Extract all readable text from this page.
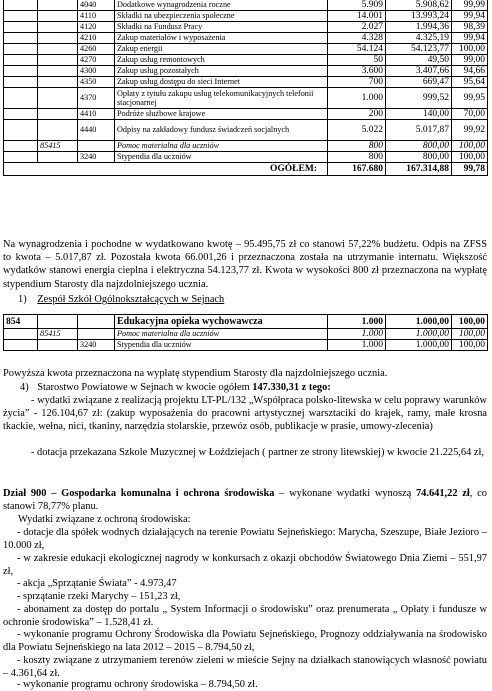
		4040	Dodatkowe wynagrodzenia roczne	5.909	5.908,62	99,99
		4110	Składki na ubezpieczenia społeczne	14.001	13.993,24	99,94
		4120	Składki na Fundusz Pracy	2.027	1.994,36	98,39
		4210	Zakup materiałów i wyposażenia	4.328	4.325,19	99,94
		4260	Zakup energii	54.124	54.123,77	100,00
		4270	Zakup usług remontowych	50	49,50	99,00
		4300	Zakup usług pozostałych	3.600	3.407,66	94,66
		4350	Zakup usług dostępu do sieci Internet	700	669,47	95,64
		4370	Opłaty z tytułu zakupu usług telekomunikacyjnych telefonii stacjonarnej	1.000	999,52	99,95
		4410	Podróże służbowe krajowe	200	140,00	70,00
		4440	Odpisy na zakładowy fundusz świadczeń socjalnych	5.022	5.017,87	99,92
	85415		Pomoc materialna dla uczniów	800	800,00	100,00
		3240	Stypendia dla uczniów	800	800,00	100,00
OGÓŁEM:				167.680	167.314,88	99,78
Na wynagrodzenia i pochodne w wydatkowano kwotę – 95.495,75 zł co stanowi 57,22% budżetu. Odpis na ZFSS to kwota – 5.017,87 zł. Pozostała kwota 66.001,26 i przeznaczona została na utrzymanie internatu. Większość wydatków stanowi energia cieplna i elektryczna 54.123,77 zł. Kwota w wysokości 800 zł przeznaczona na wypłatę stypendium Starosty dla najzdolniejszego ucznia.
1) Zespół Szkół Ogólnokształcących w Sejnach
854			Edukacyjna opieka wychowawcza	1.000	1.000,00	100,00
	85415		Pomoc materialna dla uczniów	1.000	1.000,00	100,00
		3240	Stypendia dla uczniów	1.000	1.000,00	100,00
Powyższa kwota przeznaczona na wypłatę stypendium Starosty dla najzdolniejszego ucznia.
4) Starostwo Powiatowe w Sejnach w kwocie ogółem 147.330,31 z tego:
- wydatki związane z realizacją projektu LT-PL/132 „Współpraca polsko-litewska w celu poprawy warunków życia” - 126.104,67 zł: (zakup wyposażenia do pracowni artystycznej warsztaciki do krajek, ramy, małe krosna tkackie, wełna, nici, tkaniny, narzędzia stolarskie, przewóz osób, publikacje w prasie, umowy-zlecenia)
- dotacja przekazana Szkole Muzycznej w Łoździejach ( partner ze strony litewskiej) w kwocie 21.225,64 zł,
Dział 900 – Gospodarka komunalna i ochrona środowiska – wykonane wydatki wynoszą 74.641,22 zł, co stanowi 78,77% planu.
Wydatki związane z ochroną środowiska:
- dotacje dla spółek wodnych działających na terenie Powiatu Sejneńskiego: Marycha, Szeszupe, Białe Jezioro – 10.000 zł,
- w zakresie edukacji ekologicznej nagrody w konkursach z okazji obchodów Światowego Dnia Ziemi – 551,97 zł,
- akcja „Sprzątanie Świata” - 4.973,47
- sprzątanie rzeki Marychy – 151,23 zł,
- abonament za dostęp do portalu „ System Informacji o środowisku” oraz prenumerata „ Opłaty i fundusze w ochronie środowiska” – 1.528,41 zł.
- wykonanie programu Ochrony Środowiska dla Powiatu Sejneńskiego, Prognozy oddziaływania na środowisko dla Powiatu Sejneńskiego na lata 2012 – 2015 – 8.794,50 zł,
- koszty związane z utrzymaniem terenów zieleni w mieście Sejny na działkach stanowiących własność powiatu – 4.361,64 zł.
- wykonanie programu ochrony środowiska – 8.794,50 zł.
